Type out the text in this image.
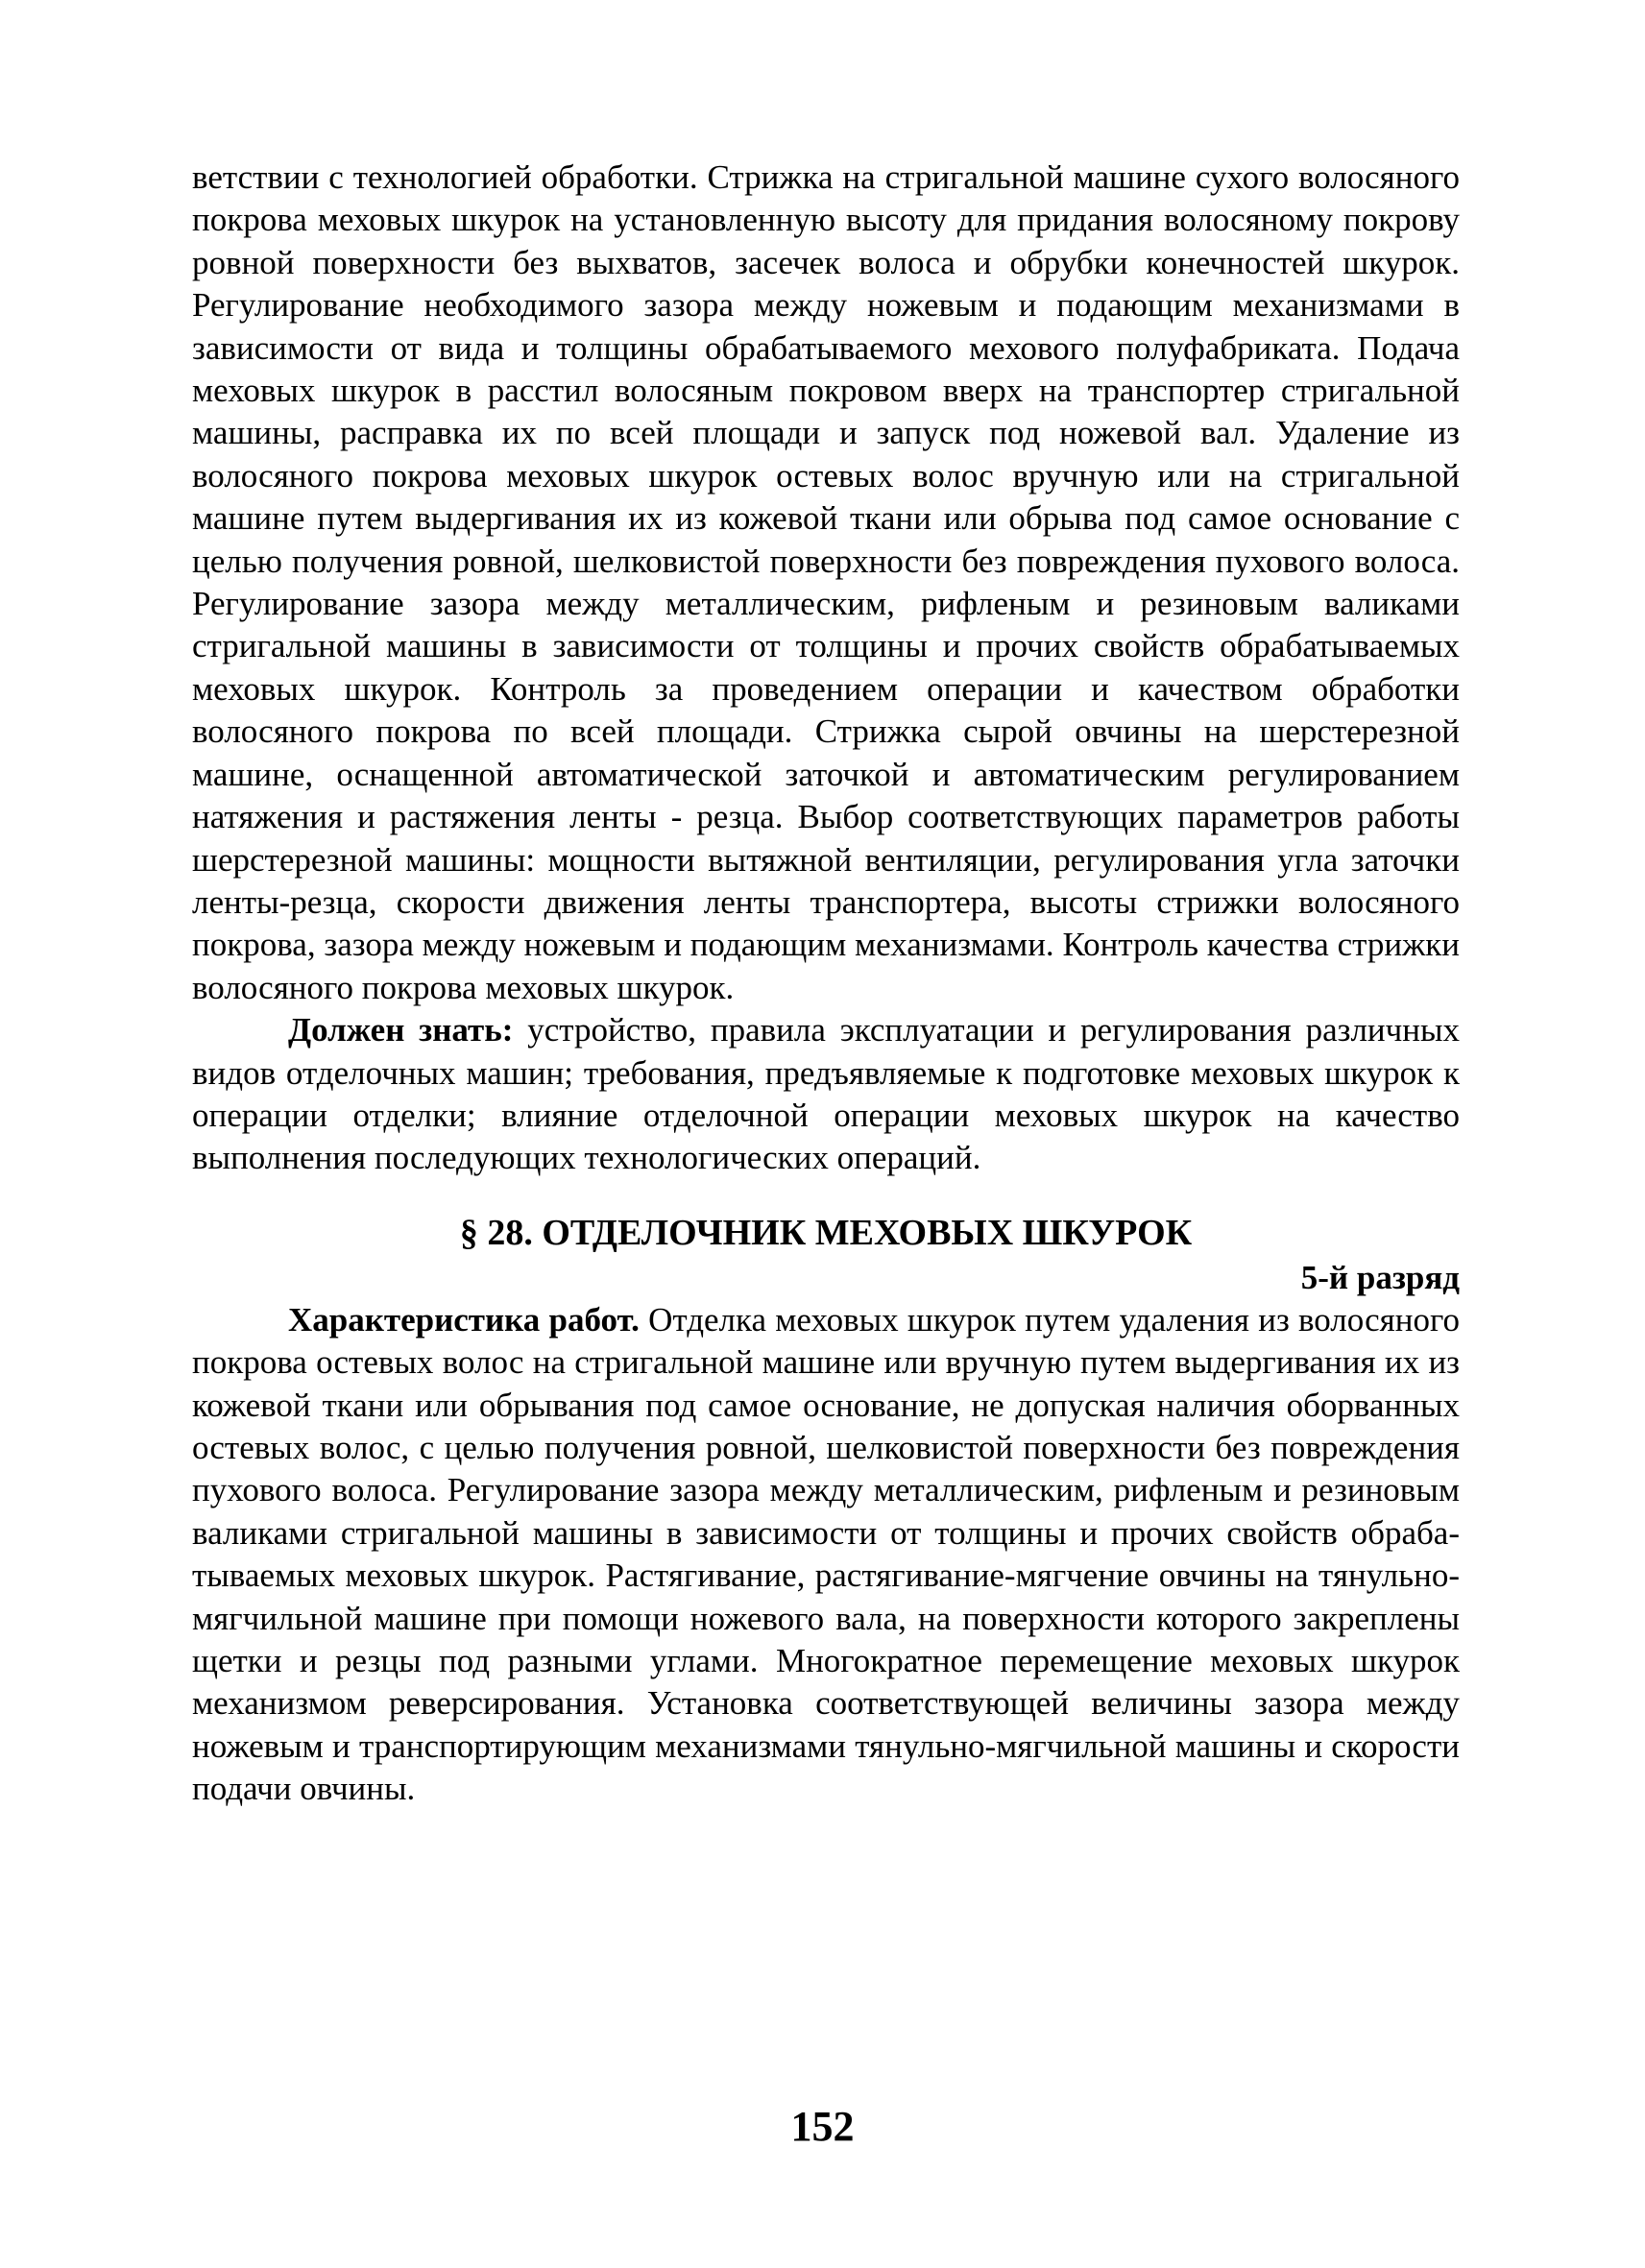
ветствии с технологией обработки. Стрижка на стригальной машине сухого волосяного покрова меховых шкурок на установленную высоту для придания волосяному покрову ровной поверхности без выхватов, засечек волоса и обрубки конечностей шкурок. Регулирование необходимого зазора между ножевым и подающим механизмами в зависимости от вида и толщины обрабатываемого мехового полуфабриката. Подача меховых шкурок в расстил волосяным покровом вверх на транспортер стригальной машины, расправка их по всей площади и запуск под ножевой вал. Удаление из волосяного покрова меховых шкурок остевых волос вручную или на стригальной машине путем выдергивания их из кожевой ткани или обрыва под самое основание с целью получения ровной, шелковистой поверхности без повреждения пухового волоса. Регулирование зазора между металлическим, рифленым и резиновым валиками стригальной машины в зависимости от толщины и прочих свойств обрабатываемых меховых шкурок. Контроль за проведением операции и качеством обработки волосяного покрова по всей площади. Стрижка сырой овчины на шерстерезной машине, оснащенной автоматической заточкой и автоматическим регулированием натяжения и растяжения ленты - резца. Выбор соответствующих параметров работы шерстерезной машины: мощности вытяжной вентиляции, регулирования угла заточки ленты-резца, скорости движения ленты транспортера, высоты стрижки волосяного покрова, зазора между ножевым и подающим механизмами. Контроль качества стрижки волосяного покрова меховых шкурок.

Должен знать: устройство, правила эксплуатации и регулирования различных видов отделочных машин; требования, предъявляемые к подготовке меховых шкурок к операции отделки; влияние отделочной операции меховых шкурок на качество выполнения последующих технологических операций.

§ 28. ОТДЕЛОЧНИК МЕХОВЫХ ШКУРОК

5-й разряд

Характеристика работ. Отделка меховых шкурок путем удаления из волосяного покрова остевых волос на стригальной машине или вручную путем выдергивания их из кожевой ткани или обрывания под самое основание, не допуская наличия оборванных остевых волос, с целью получения ровной, шелковистой поверхности без повреждения пухового волоса. Регулирование зазора между металлическим, рифленым и резиновым валиками стригальной машины в зависимости от толщины и прочих свойств обрабатываемых меховых шкурок. Растягивание, растягивание-мягчение овчины на тянульно-мягчильной машине при помощи ножевого вала, на поверхности которого закреплены щетки и резцы под разными углами. Многократное перемещение меховых шкурок механизмом реверсирования. Установка соответствующей величины зазора между ножевым и транспортирующим механизмами тянульно-мягчильной машины и скорости подачи овчины.

152
